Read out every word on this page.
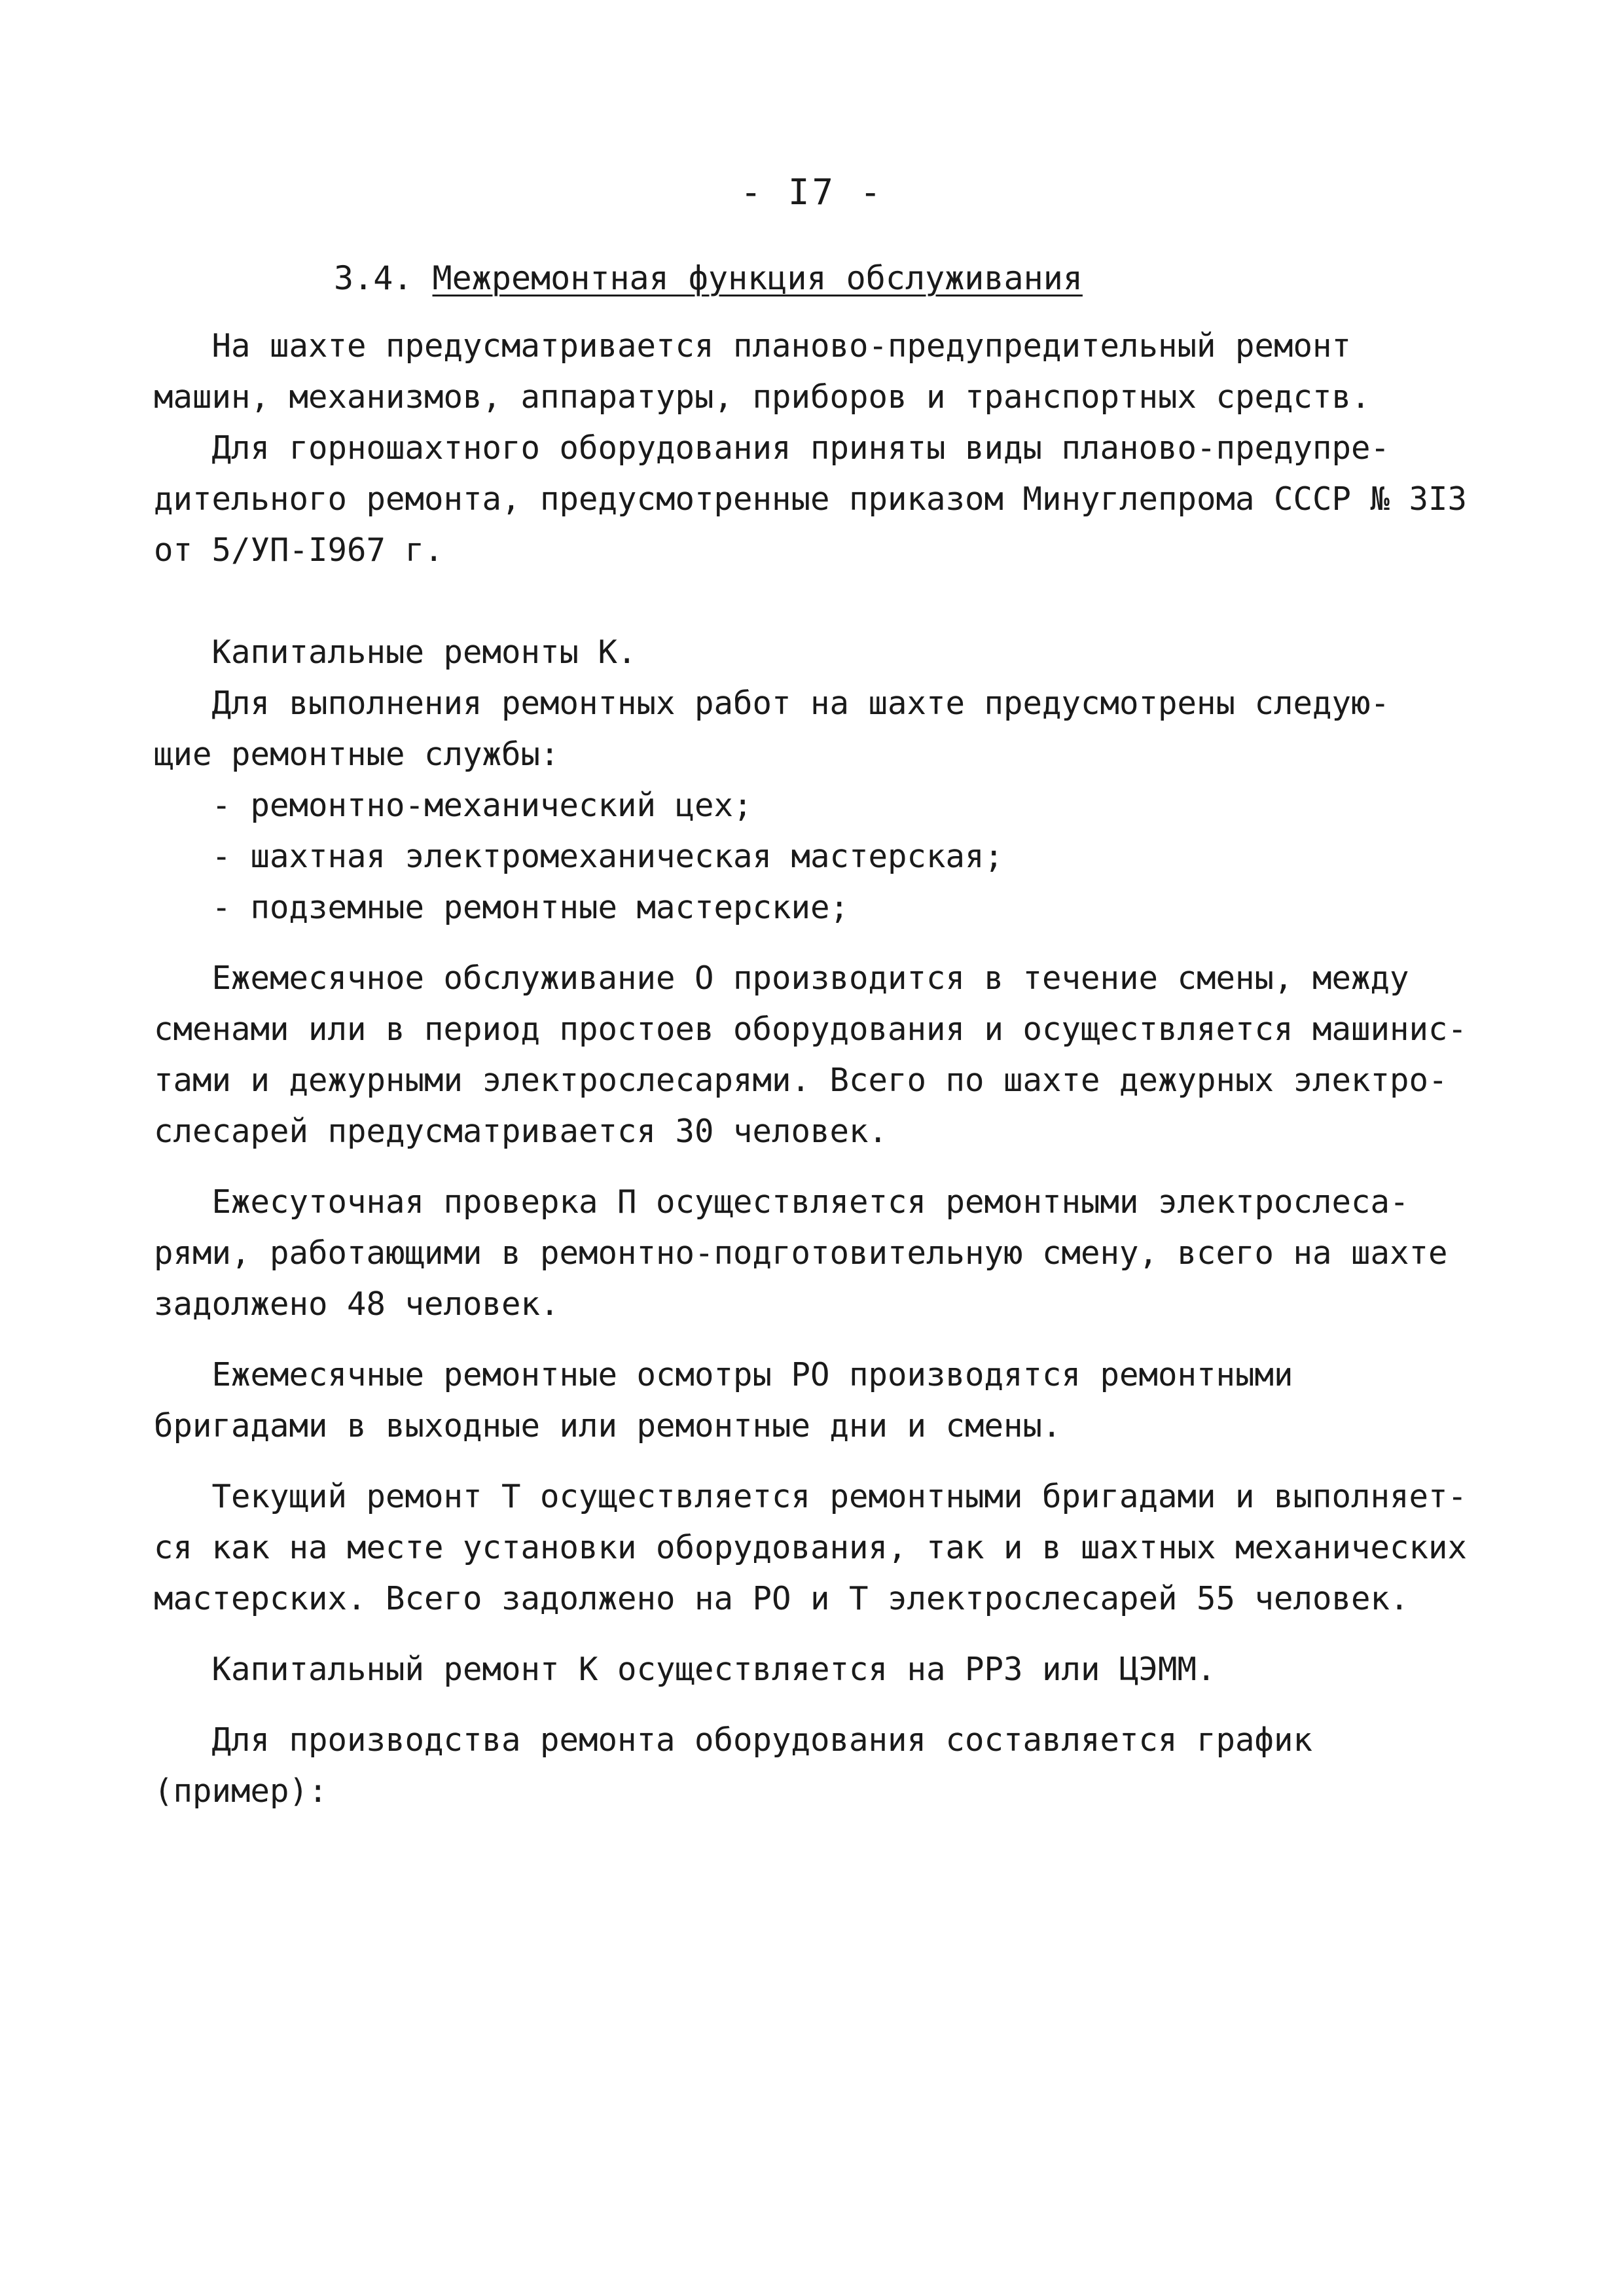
- I7 -
3.4. Межремонтная функция обслуживания

На шахте предусматривается планово-предупредительный ремонт

машин, механизмов, аппаратуры, приборов и транспортных средств.

Для горношахтного оборудования приняты виды планово-предупре-

дительного ремонта, предусмотренные приказом Минуглепрома СССР № 3I3

от 5/УП-I967 г.

Капитальные ремонты К.

Для выполнения ремонтных работ на шахте предусмотрены следую-

щие ремонтные службы:

- ремонтно-механический цех;

- шахтная электромеханическая мастерская;

- подземные ремонтные мастерские;

Ежемесячное обслуживание О производится в течение смены, между

сменами или в период простоев оборудования и осуществляется машинис-

тами и дежурными электрослесарями. Всего по шахте дежурных электро-

слесарей предусматривается 30 человек.

Ежесуточная проверка П осуществляется ремонтными электрослеса-

рями, работающими в ремонтно-подготовительную смену, всего на шахте

задолжено 48 человек.

Ежемесячные ремонтные осмотры РО производятся ремонтными

бригадами в выходные или ремонтные дни и смены.

Текущий ремонт Т осуществляется ремонтными бригадами и выполняет-

ся как на месте установки оборудования, так и в шахтных механических

мастерских. Всего задолжено на РО и Т электрослесарей 55 человек.

Капитальный ремонт К осуществляется на РРЗ или ЦЭММ.

Для производства ремонта оборудования составляется график

(пример):
